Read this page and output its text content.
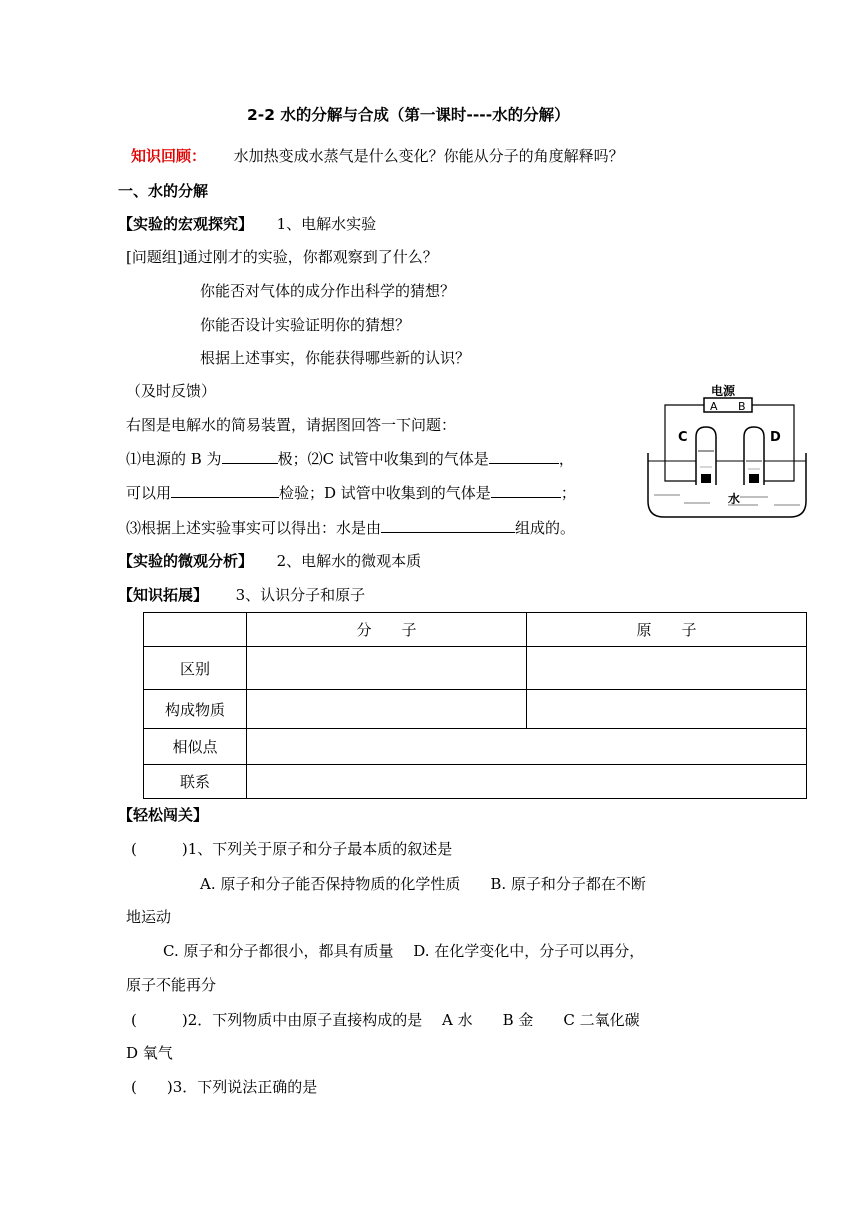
2-2 水的分解与合成（第一课时----水的分解）
知识回顾： 水加热变成水蒸气是什么变化？你能从分子的角度解释吗？
一、水的分解
【实验的宏观探究】 1、电解水实验
[问题组]通过刚才的实验，你都观察到了什么？
你能否对气体的成分作出科学的猜想？
你能否设计实验证明你的猜想？
根据上述事实，你能获得哪些新的认识？
（及时反馈）
右图是电解水的简易装置，请据图回答一下问题：
⑴电源的 B 为	极；⑵C 试管中收集到的气体是	，
可以用	检验；D 试管中收集到的气体是	；
⑶根据上述实验事实可以得出：水是由	组成的。
电源
A B
C	D
水
【实验的微观分析】 2、电解水的微观本质
【知识拓展】 3、认识分子和原子
	分　　子	原　　子
区别		
构成物质		
相似点		
联系		
【轻松闯关】
(　　　)1、下列关于原子和分子最本质的叙述是
A. 原子和分子能否保持物质的化学性质　　B. 原子和分子都在不断
地运动
C. 原子和分子都很小，都具有质量　 D. 在化学变化中，分子可以再分，
原子不能再分
(　　　)2．下列物质中由原子直接构成的是　 A 水　　B 金　　C 二氧化碳
D 氧气
(　　)3．下列说法正确的是
